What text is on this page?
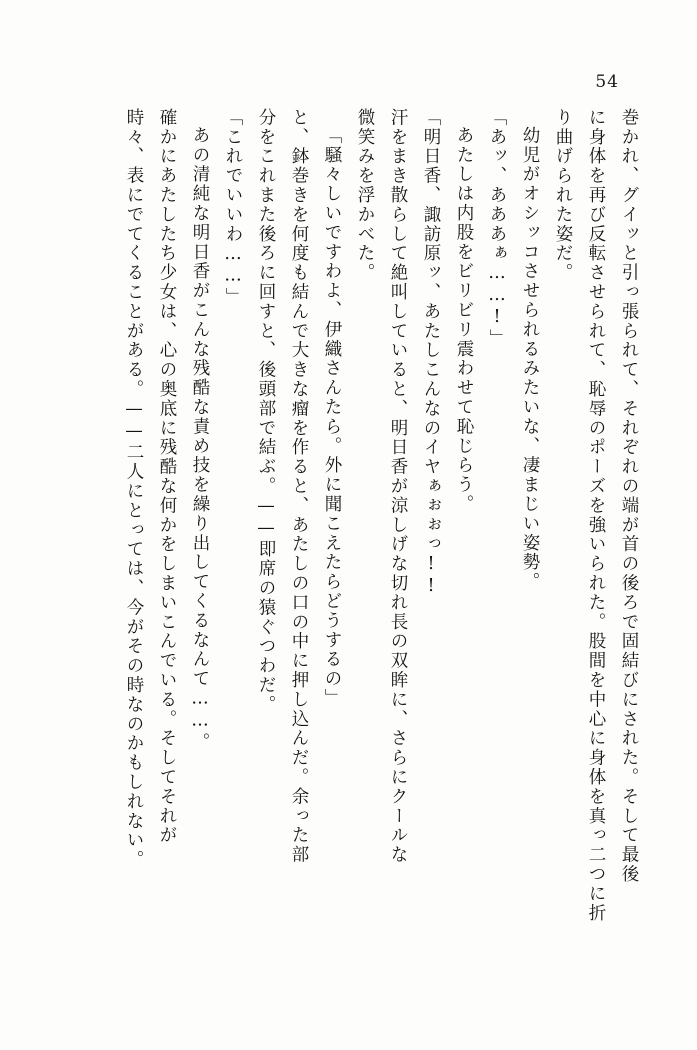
54
巻かれ、グイッと引っ張られて、それぞれの端が首の後ろで固結びにされた。そして最後
に身体を再び反転させられて、恥辱のポーズを強いられた。股間を中心に身体を真っ二つに折
り曲げられた姿だ。
幼児がオシッコさせられるみたいな、凄まじい姿勢。
「あッ、あああぁ……!」
あたしは内股をビリビリ震わせて恥じらう。
「明日香、諏訪原ッ、あたしこんなのイヤぁぉぉっ!!
汗をまき散らして絶叫していると、明日香が涼しげな切れ長の双眸に、さらにクールな
微笑みを浮かべた。
「騒々しいですわよ、伊織さんたら。外に聞こえたらどうするの」
と、鉢巻きを何度も結んで大きな瘤を作ると、あたしの口の中に押し込んだ。余った部
分をこれまた後ろに回すと、後頭部で結ぶ。——即席の猿ぐつわだ。
「これでいいわ……」
あの清純な明日香がこんな残酷な責め技を繰り出してくるなんて……。
確かにあたしたち少女は、心の奥底に残酷な何かをしまいこんでいる。そしてそれが
時々、表にでてくることがある。——二人にとっては、今がその時なのかもしれない。
